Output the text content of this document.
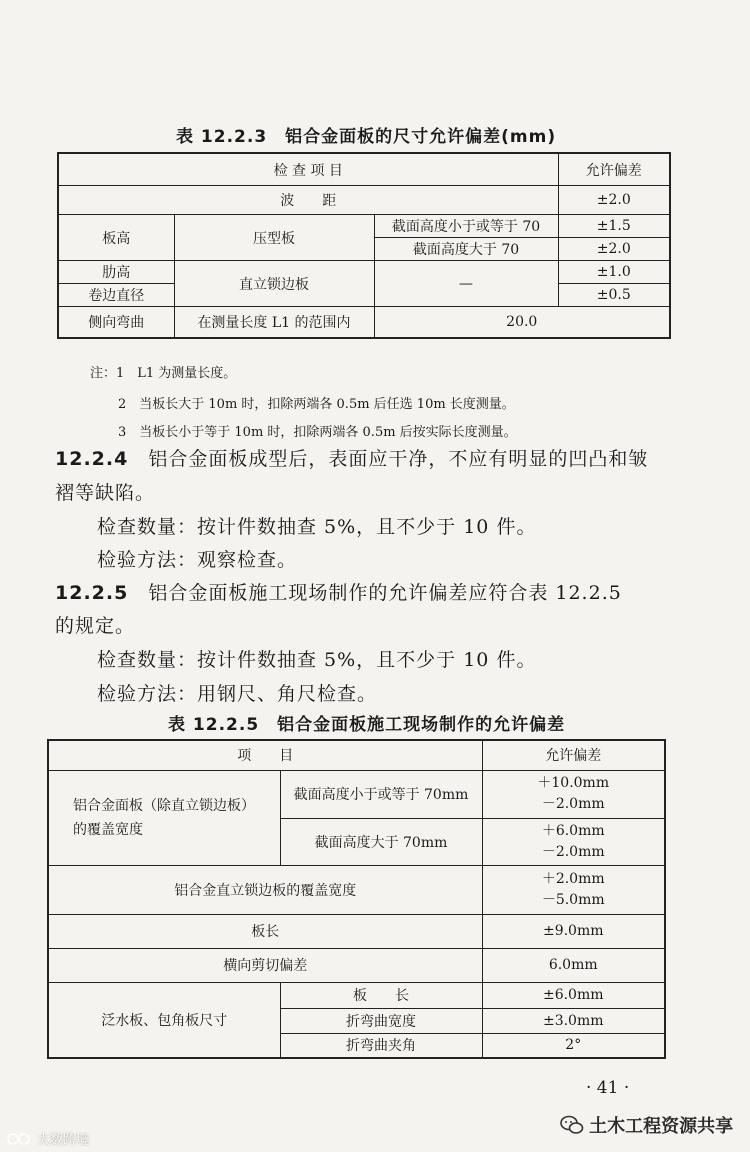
表 12.2.3　铝合金面板的尺寸允许偏差(mm)
检 查 项 目			允许偏差
波　　距			±2.0
板高	压型板	截面高度小于或等于 70	±1.5
		截面高度大于 70	±2.0
肋高	直立锁边板	—	±1.0
卷边直径			±0.5
侧向弯曲	在测量长度 L1 的范围内	20.0	
注：1　L1 为测量长度。
2　当板长大于 10m 时，扣除两端各 0.5m 后任选 10m 长度测量。
3　当板长小于等于 10m 时，扣除两端各 0.5m 后按实际长度测量。
12.2.4　 铝合金面板成型后，表面应干净，不应有明显的凹凸和皱
褶等缺陷。
检查数量：按计件数抽查 5%，且不少于 10 件。
检验方法：观察检查。
12.2.5　 铝合金面板施工现场制作的允许偏差应符合表 12.2.5
的规定。
检查数量：按计件数抽查 5%，且不少于 10 件。
检验方法：用钢尺、角尺检查。
表 12.2.5　铝合金面板施工现场制作的允许偏差
项　　目		允许偏差
铝合金面板（除直立锁边板）的覆盖宽度	截面高度小于或等于 70mm	＋10.0mm
－2.0mm

	截面高度大于 70mm	＋6.0mm
－2.0mm

铝合金直立锁边板的覆盖宽度		＋2.0mm
－5.0mm

板长		±9.0mm
横向剪切偏差		6.0mm
泛水板、包角板尺寸	板　　长	±6.0mm
	折弯曲宽度	±3.0mm
	折弯曲夹角	2°
· 41 ·
土木工程资源共享
大数跨境
